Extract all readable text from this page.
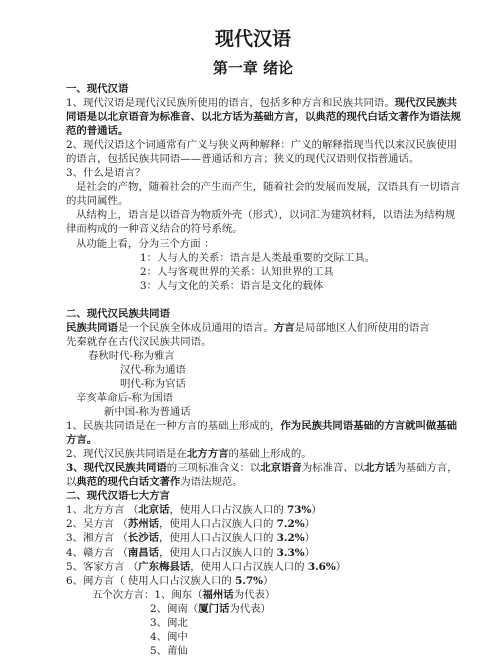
现代汉语
第一章 绪论
一、现代汉语
1、现代汉语是现代汉民族所使用的语言，包括多种方言和民族共同语。现代汉民族共
同语是以北京语音为标准音、以北方话为基础方言，以典范的现代白话文著作为语法规
范的普通话。
2、现代汉语这个词通常有广义与狭义两种解释：广义的解释指现当代以来汉民族使用
的语言，包括民族共同语——普通话和方言；狭义的现代汉语则仅指普通话。
3、什么是语言？
是社会的产物，随着社会的产生而产生，随着社会的发展而发展，汉语具有一切语言
的共同属性。
从结构上，语言是以语音为物质外壳（形式），以词汇为建筑材料，以语法为结构规
律而构成的一种音义结合的符号系统。
从功能上看，分为三个方面 ：
1：人与人的关系：语言是人类最重要的交际工具。
2：人与客观世界的关系：认知世界的工具
3：人与文化的关系：语言是文化的载体
二、现代汉民族共同语
民族共同语是一个民族全体成员通用的语言。方言是局部地区人们所使用的语言
先秦就存在古代汉民族共同语。
春秋时代-称为雅言
汉代-称为通语
明代-称为官话
辛亥革命后-称为国语
新中国-称为普通话
1、民族共同语是在一种方言的基础上形成的，作为民族共同语基础的方言就叫做基础
方言。
2、现代汉民族共同语是在北方方言的基础上形成的。
3、现代汉民族共同语的三项标准含义：以北京语音为标准音、以北方话为基础方言，
以典范的现代白话文著作为语法规范。
二、现代汉语七大方言
1、北方方言 （北京话，使用人口占汉族人口的 73%）
2、吴方言 （苏州话，使用人口占汉族人口的 7.2%）
3、湘方言 （长沙话，使用人口占汉族人口的 3.2%）
4、赣方言 （南昌话，使用人口占汉族人口的 3.3%）
5、客家方言 （广东梅县话，使用人口占汉族人口的 3.6%）
6、闽方言（ 使用人口占汉族人口的 5.7%）
五个次方言：1、闽东（福州话为代表）
2、闽南（厦门话为代表）
3、闽北
4、闽中
5、莆仙
